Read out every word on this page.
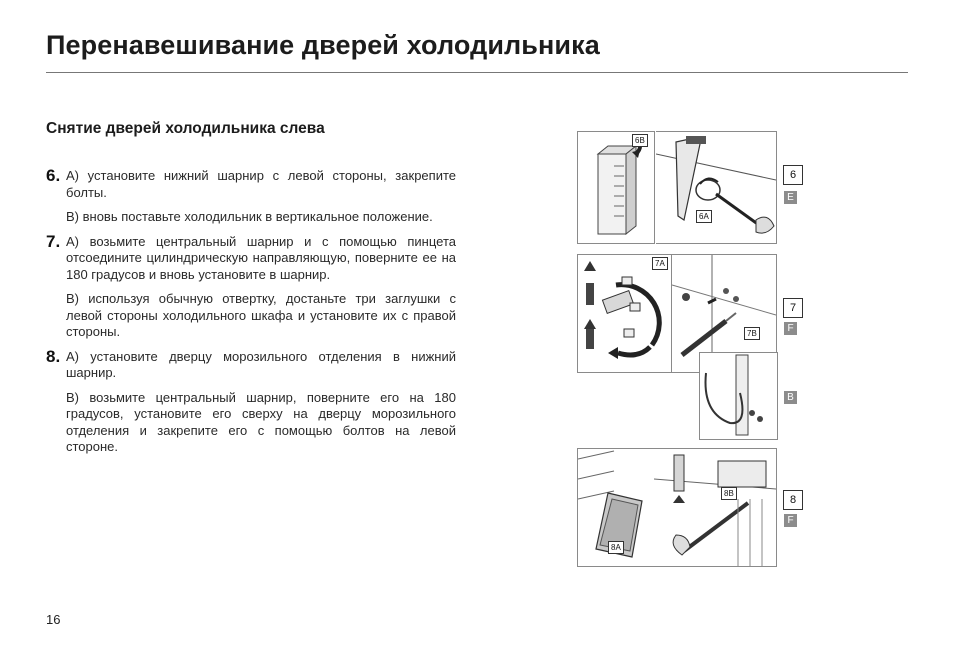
Перенавешивание дверей холодильника
Снятие дверей холодильника слева
6. А) установите нижний шарнир с левой стороны, закрепите болты.

В) вновь поставьте холодильник в вертикальное положение.

7. А) возьмите центральный шарнир и с помощью пинцета отсоедините цилиндрическую направляющую, поверните ее на 180 градусов и вновь установите в шарнир.

В) используя обычную отвертку, достаньте три заглушки с левой стороны холодильного шкафа и установите их с правой стороны.

8. А) установите дверцу морозильного отделения в нижний шарнир.

В) возьмите центральный шарнир, поверните его на 180 градусов, установите его сверху на дверцу морозильного отделения и закрепите его с помощью болтов на левой стороне.

16
6B
6A
6
E
7A
7B
7
F
B
8A
8B
8
F
